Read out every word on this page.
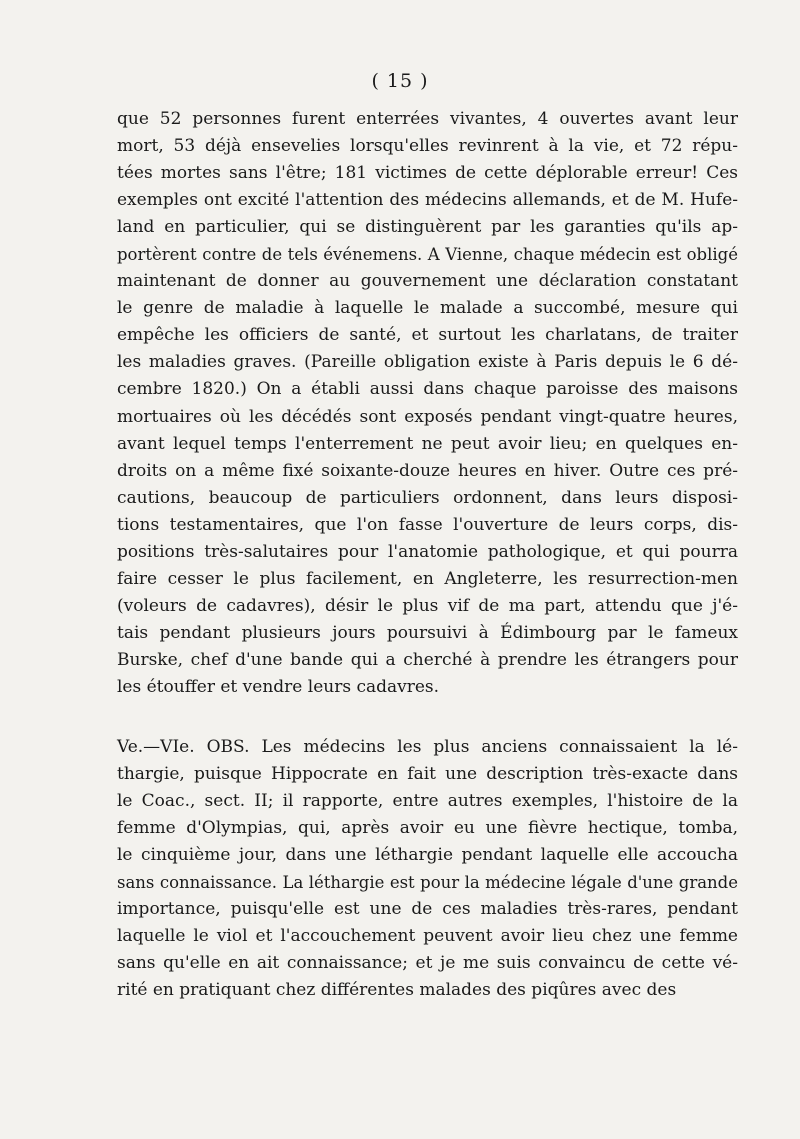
( 15 )
que 52 personnes furent enterrées vivantes, 4 ouvertes avant leur
mort, 53 déjà ensevelies lorsqu'elles revinrent à la vie, et 72 répu-
tées mortes sans l'être; 181 victimes de cette déplorable erreur! Ces
exemples ont excité l'attention des médecins allemands, et de M. Hufe-
land en particulier, qui se distinguèrent par les garanties qu'ils ap-
portèrent contre de tels événemens. A Vienne, chaque médecin est obligé
maintenant de donner au gouvernement une déclaration constatant
le genre de maladie à laquelle le malade a succombé, mesure qui
empêche les officiers de santé, et surtout les charlatans, de traiter
les maladies graves. (Pareille obligation existe à Paris depuis le 6 dé-
cembre 1820.) On a établi aussi dans chaque paroisse des maisons
mortuaires où les décédés sont exposés pendant vingt-quatre heures,
avant lequel temps l'enterrement ne peut avoir lieu; en quelques en-
droits on a même fixé soixante-douze heures en hiver. Outre ces pré-
cautions, beaucoup de particuliers ordonnent, dans leurs disposi-
tions testamentaires, que l'on fasse l'ouverture de leurs corps, dis-
positions très-salutaires pour l'anatomie pathologique, et qui pourra
faire cesser le plus facilement, en Angleterre, les resurrection-men
(voleurs de cadavres), désir le plus vif de ma part, attendu que j'é-
tais pendant plusieurs jours poursuivi à Édimbourg par le fameux
Burske, chef d'une bande qui a cherché à prendre les étrangers pour
les étouffer et vendre leurs cadavres.
Ve.—VIe. OBS. Les médecins les plus anciens connaissaient la lé-
thargie, puisque Hippocrate en fait une description très-exacte dans
le Coac., sect. II; il rapporte, entre autres exemples, l'histoire de la
femme d'Olympias, qui, après avoir eu une fièvre hectique, tomba,
le cinquième jour, dans une léthargie pendant laquelle elle accoucha
sans connaissance. La léthargie est pour la médecine légale d'une grande
importance, puisqu'elle est une de ces maladies très-rares, pendant
laquelle le viol et l'accouchement peuvent avoir lieu chez une femme
sans qu'elle en ait connaissance; et je me suis convaincu de cette vé-
rité en pratiquant chez différentes malades des piqûres avec des
